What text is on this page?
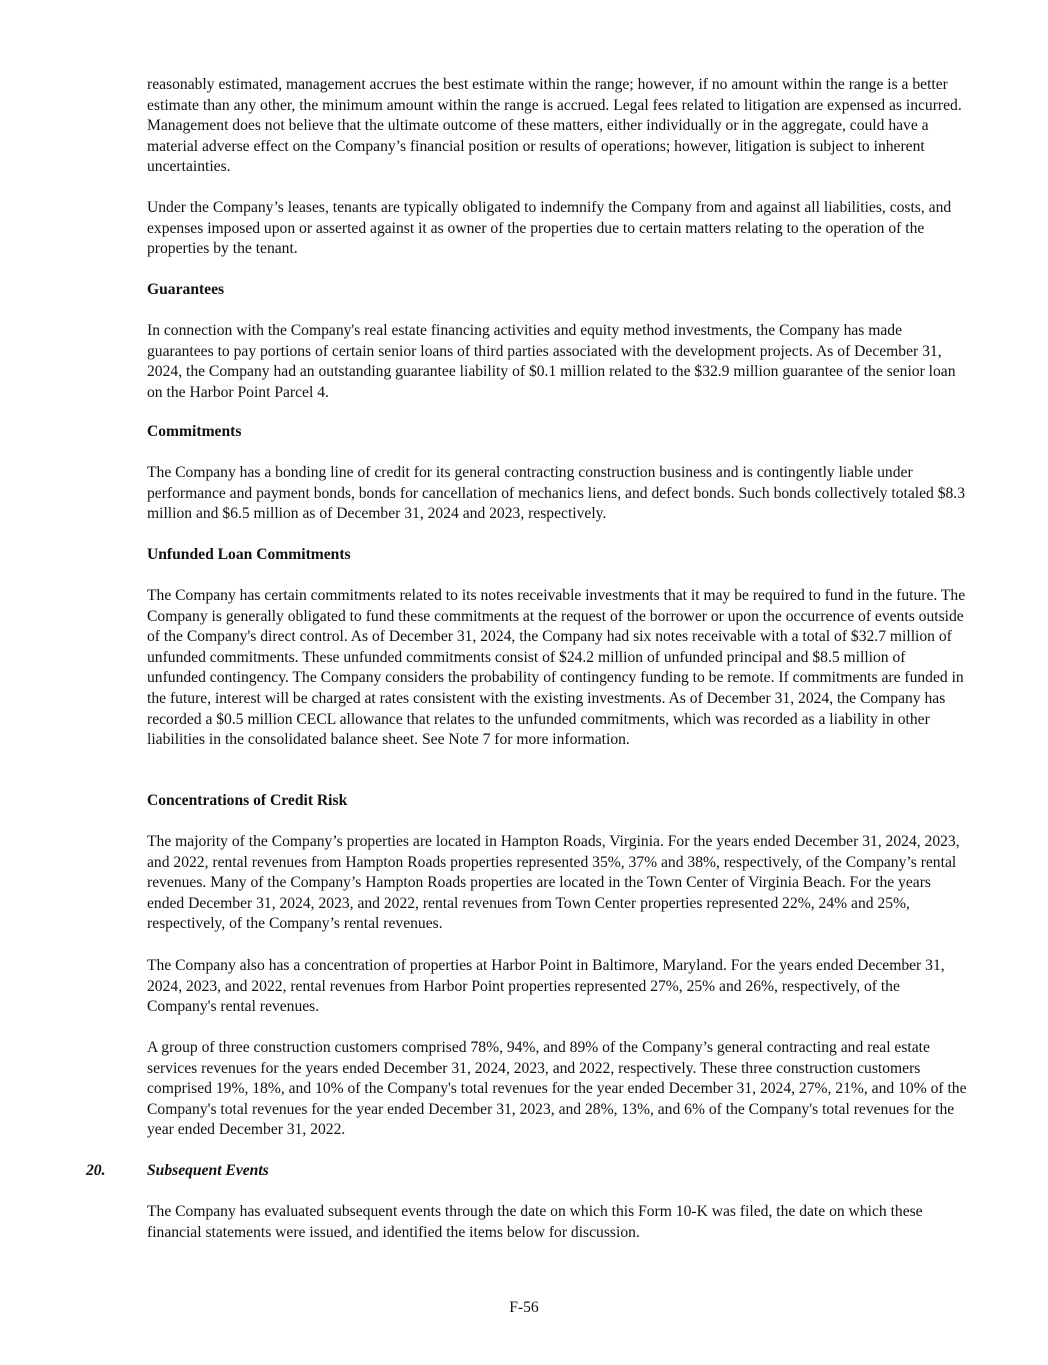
reasonably estimated, management accrues the best estimate within the range; however, if no amount within the range is a better estimate than any other, the minimum amount within the range is accrued. Legal fees related to litigation are expensed as incurred. Management does not believe that the ultimate outcome of these matters, either individually or in the aggregate, could have a material adverse effect on the Company’s financial position or results of operations; however, litigation is subject to inherent uncertainties.

Under the Company’s leases, tenants are typically obligated to indemnify the Company from and against all liabilities, costs, and expenses imposed upon or asserted against it as owner of the properties due to certain matters relating to the operation of the properties by the tenant.

Guarantees

In connection with the Company's real estate financing activities and equity method investments, the Company has made guarantees to pay portions of certain senior loans of third parties associated with the development projects. As of December 31, 2024, the Company had an outstanding guarantee liability of $0.1 million related to the $32.9 million guarantee of the senior loan on the Harbor Point Parcel 4.

Commitments

The Company has a bonding line of credit for its general contracting construction business and is contingently liable under performance and payment bonds, bonds for cancellation of mechanics liens, and defect bonds. Such bonds collectively totaled $8.3 million and $6.5 million as of December 31, 2024 and 2023, respectively.

Unfunded Loan Commitments

The Company has certain commitments related to its notes receivable investments that it may be required to fund in the future. The Company is generally obligated to fund these commitments at the request of the borrower or upon the occurrence of events outside of the Company's direct control. As of December 31, 2024, the Company had six notes receivable with a total of $32.7 million of unfunded commitments. These unfunded commitments consist of $24.2 million of unfunded principal and $8.5 million of unfunded contingency. The Company considers the probability of contingency funding to be remote. If commitments are funded in the future, interest will be charged at rates consistent with the existing investments. As of December 31, 2024, the Company has recorded a $0.5 million CECL allowance that relates to the unfunded commitments, which was recorded as a liability in other liabilities in the consolidated balance sheet. See Note 7 for more information.

Concentrations of Credit Risk

The majority of the Company’s properties are located in Hampton Roads, Virginia. For the years ended December 31, 2024, 2023, and 2022, rental revenues from Hampton Roads properties represented 35%, 37% and 38%, respectively, of the Company’s rental revenues. Many of the Company’s Hampton Roads properties are located in the Town Center of Virginia Beach. For the years ended December 31, 2024, 2023, and 2022, rental revenues from Town Center properties represented 22%, 24% and 25%, respectively, of the Company’s rental revenues.

The Company also has a concentration of properties at Harbor Point in Baltimore, Maryland. For the years ended December 31, 2024, 2023, and 2022, rental revenues from Harbor Point properties represented 27%, 25% and 26%, respectively, of the Company's rental revenues.

A group of three construction customers comprised 78%, 94%, and 89% of the Company’s general contracting and real estate services revenues for the years ended December 31, 2024, 2023, and 2022, respectively. These three construction customers comprised 19%, 18%, and 10% of the Company's total revenues for the year ended December 31, 2024, 27%, 21%, and 10% of the Company's total revenues for the year ended December 31, 2023, and 28%, 13%, and 6% of the Company's total revenues for the year ended December 31, 2022.

20.	Subsequent Events

The Company has evaluated subsequent events through the date on which this Form 10-K was filed, the date on which these financial statements were issued, and identified the items below for discussion.

F-56
